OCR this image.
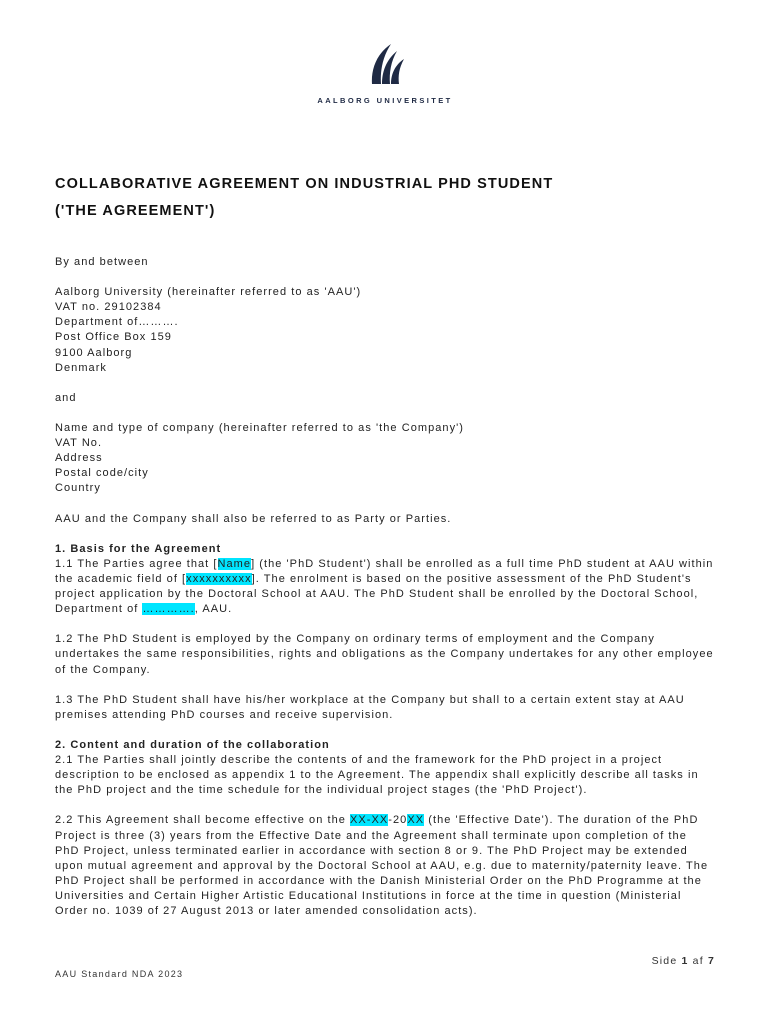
AALBORG UNIVERSITET
COLLABORATIVE AGREEMENT ON INDUSTRIAL PHD STUDENT
('THE AGREEMENT')

By and between

Aalborg University (hereinafter referred to as 'AAU')

VAT no. 29102384

Department of……….

Post Office Box 159

9100 Aalborg

Denmark

and

Name and type of company (hereinafter referred to as 'the Company')

VAT No.

Address

Postal code/city

Country

AAU and the Company shall also be referred to as Party or Parties.

1. Basis for the Agreement

1.1 The Parties agree that [Name] (the 'PhD Student') shall be enrolled as a full time PhD student at AAU within the academic field of [xxxxxxxxxx]. The enrolment is based on the positive assessment of the PhD Student's project application by the Doctoral School at AAU. The PhD Student shall be enrolled by the Doctoral School, Department of …………., AAU.

1.2 The PhD Student is employed by the Company on ordinary terms of employment and the Company undertakes the same responsibilities, rights and obligations as the Company undertakes for any other employee of the Company.

1.3 The PhD Student shall have his/her workplace at the Company but shall to a certain extent stay at AAU premises attending PhD courses and receive supervision.

2. Content and duration of the collaboration

2.1 The Parties shall jointly describe the contents of and the framework for the PhD project in a project description to be enclosed as appendix 1 to the Agreement. The appendix shall explicitly describe all tasks in the PhD project and the time schedule for the individual project stages (the 'PhD Project').

2.2 This Agreement shall become effective on the XX-XX-20XX (the 'Effective Date'). The duration of the PhD Project is three (3) years from the Effective Date and the Agreement shall terminate upon completion of the PhD Project, unless terminated earlier in accordance with section 8 or 9. The PhD Project may be extended upon mutual agreement and approval by the Doctoral School at AAU, e.g. due to maternity/paternity leave. The PhD Project shall be performed in accordance with the Danish Ministerial Order on the PhD Programme at the Universities and Certain Higher Artistic Educational Institutions in force at the time in question (Ministerial Order no. 1039 of 27 August 2013 or later amended consolidation acts).

Side 1 af 7
AAU Standard NDA 2023
